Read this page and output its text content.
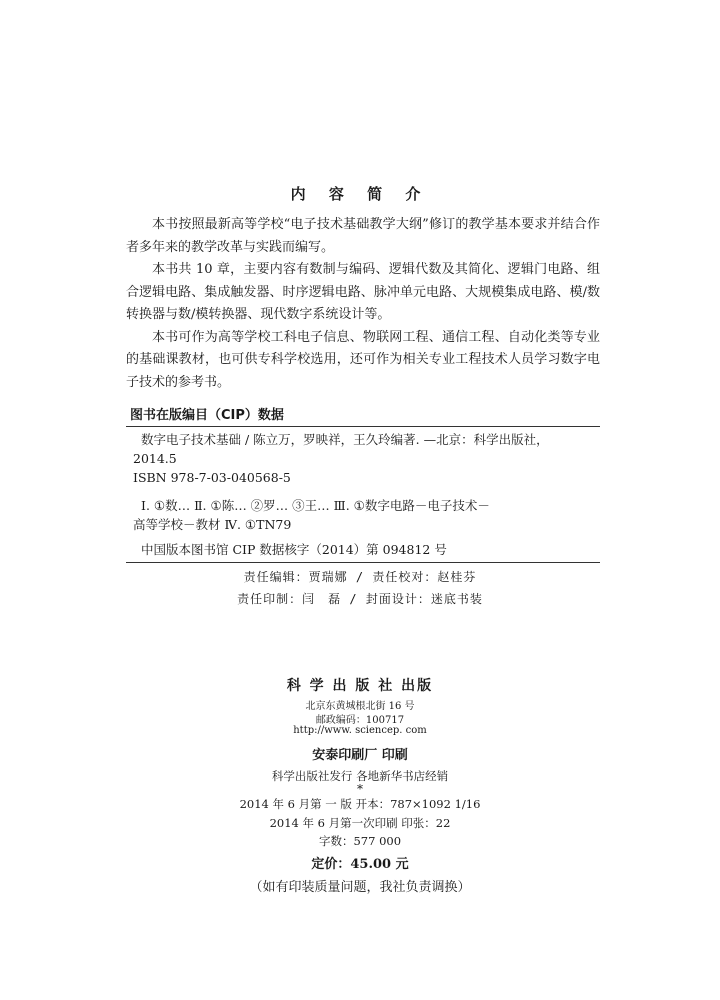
内 容 简 介

本书按照最新高等学校“电子技术基础教学大纲”修订的教学基本要求并结合作者多年来的教学改革与实践而编写。

本书共 10 章，主要内容有数制与编码、逻辑代数及其简化、逻辑门电路、组合逻辑电路、集成触发器、时序逻辑电路、脉冲单元电路、大规模集成电路、模/数转换器与数/模转换器、现代数字系统设计等。

本书可作为高等学校工科电子信息、物联网工程、通信工程、自动化类等专业的基础课教材，也可供专科学校选用，还可作为相关专业工程技术人员学习数字电子技术的参考书。

图书在版编目（CIP）数据
数字电子技术基础 / 陈立万，罗映祥，王久玲编著. —北京：科学出版社，
2014.5
ISBN 978-7-03-040568-5
Ⅰ. ①数… Ⅱ. ①陈… ②罗… ③王… Ⅲ. ①数字电路－电子技术－
高等学校－教材 Ⅳ. ①TN79
中国版本图书馆 CIP 数据核字（2014）第 094812 号
责任编辑：贾瑞娜 / 责任校对：赵桂芬
责任印制：闫　磊 / 封面设计：迷底书装
科 学 出 版 社 出版
北京东黄城根北街 16 号
邮政编码：100717
http://www. sciencep. com
安泰印刷厂 印刷
科学出版社发行 各地新华书店经销
*
2014 年 6 月第 一 版 开本：787×1092 1/16
2014 年 6 月第一次印刷 印张：22
字数：577 000
定价：45.00 元
（如有印装质量问题，我社负责调换）
